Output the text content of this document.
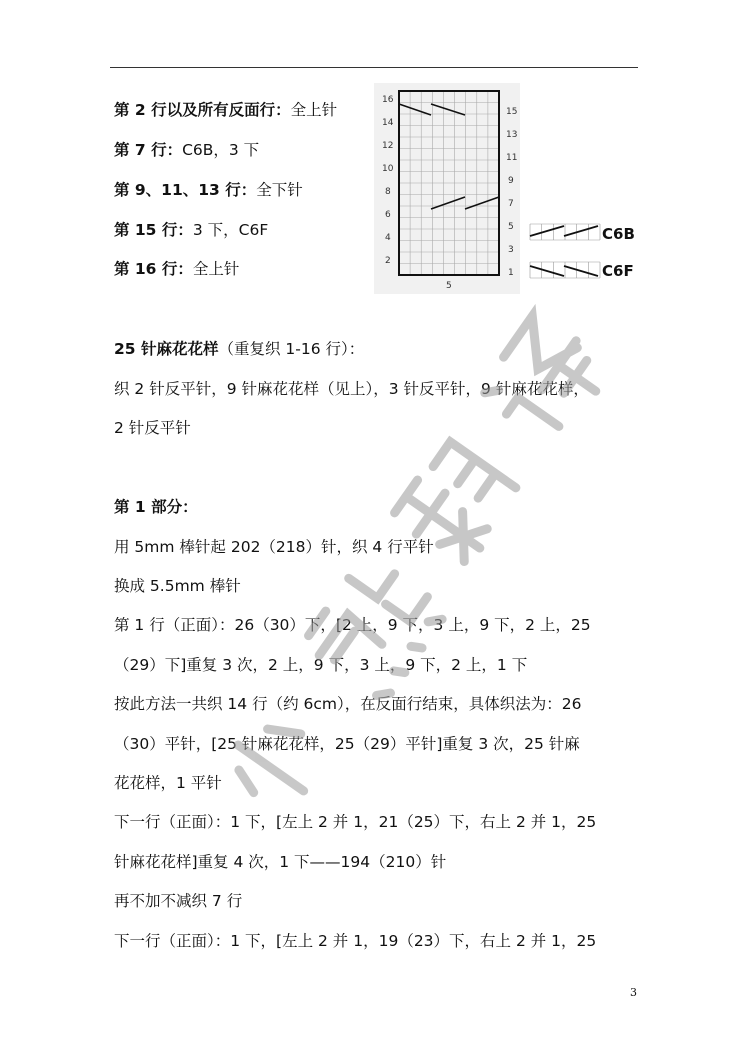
第 2 行以及所有反面行：全上针
第 7 行：C6B，3 下
第 9、11、13 行：全下针
第 15 行：3 下，C6F
第 16 行：全上针
16
14
12
10
8
6
4
2
15
13
11
9
7
5
3
1
5
C6B
C6F
25 针麻花花样（重复织 1-16 行）：
织 2 针反平针，9 针麻花花样（见上），3 针反平针，9 针麻花花样，
2 针反平针
第 1 部分：
用 5mm 棒针起 202（218）针，织 4 行平针
换成 5.5mm 棒针
第 1 行（正面）：26（30）下，[2 上，9 下，3 上，9 下，2 上，25
（29）下]重复 3 次，2 上，9 下，3 上，9 下，2 上，1 下
按此方法一共织 14 行（约 6cm），在反面行结束，具体织法为：26
（30）平针，[25 针麻花花样，25（29）平针]重复 3 次，25 针麻
花花样，1 平针
下一行（正面）：1 下，[左上 2 并 1，21（25）下，右上 2 并 1，25
针麻花花样]重复 4 次，1 下——194（210）针
再不加不减织 7 行
下一行（正面）：1 下，[左上 2 并 1，19（23）下，右上 2 并 1，25
3
